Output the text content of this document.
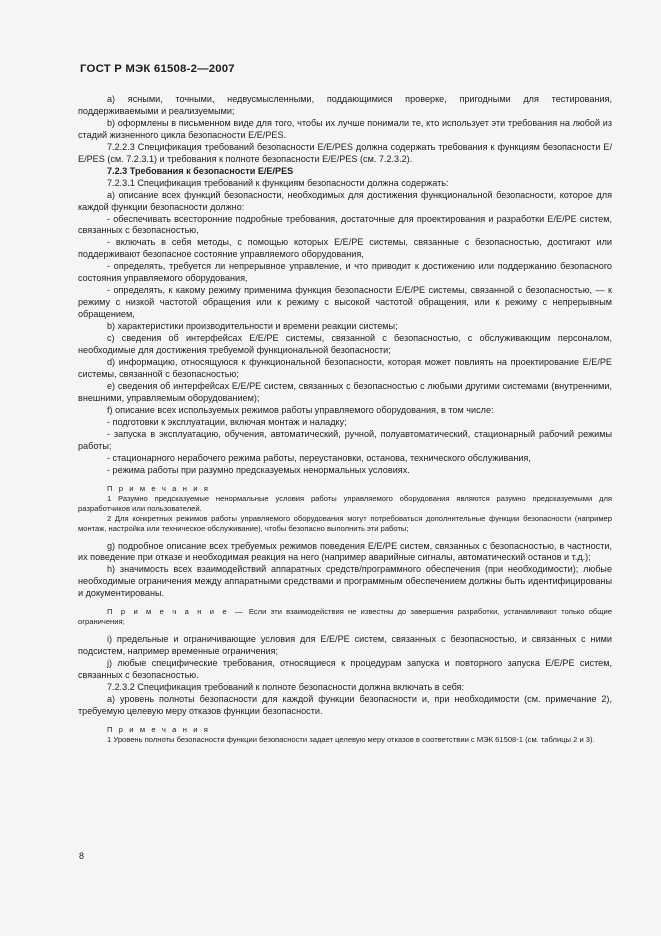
ГОСТ Р МЭК 61508-2—2007

а) ясными, точными, недвусмысленными, поддающимися проверке, пригодными для тестирования, поддерживаемыми и реализуемыми;

b) оформлены в письменном виде для того, чтобы их лучше понимали те, кто использует эти требования на любой из стадий жизненного цикла безопасности Е/Е/PES.

7.2.2.3 Спецификация требований безопасности Е/Е/PES должна содержать требования к функциям безопасности Е/Е/PES (см. 7.2.3.1) и требования к полноте безопасности Е/Е/PES (см. 7.2.3.2).

7.2.3 Требования к безопасности Е/Е/PES

7.2.3.1 Спецификация требований к функциям безопасности должна содержать:

а) описание всех функций безопасности, необходимых для достижения функциональной безопасности, которое для каждой функции безопасности должно:

- обеспечивать всесторонние подробные требования, достаточные для проектирования и разработки Е/Е/PE систем, связанных с безопасностью,

- включать в себя методы, с помощью которых Е/Е/PE системы, связанные с безопасностью, достигают или поддерживают безопасное состояние управляемого оборудования,

- определять, требуется ли непрерывное управление, и что приводит к достижению или поддержанию безопасного состояния управляемого оборудования,

- определять, к какому режиму применима функция безопасности Е/Е/PE системы, связанной с безопасностью, — к режиму с низкой частотой обращения или к режиму с высокой частотой обращения, или к режиму с непрерывным обращением,

b) характеристики производительности и времени реакции системы;

c) сведения об интерфейсах Е/Е/PE системы, связанной с безопасностью, с обслуживающим персоналом, необходимые для достижения требуемой функциональной безопасности;

d) информацию, относящуюся к функциональной безопасности, которая может повлиять на проектирование Е/Е/PE системы, связанной с безопасностью;

e) сведения об интерфейсах Е/Е/PE систем, связанных с безопасностью с любыми другими системами (внутренними, внешними, управляемым оборудованием);

f) описание всех используемых режимов работы управляемого оборудования, в том числе:

- подготовки к эксплуатации, включая монтаж и наладку;

- запуска в эксплуатацию, обучения, автоматический, ручной, полуавтоматический, стационарный рабочий режимы работы;

- стационарного нерабочего режима работы, переустановки, останова, технического обслуживания,

- режима работы при разумно предсказуемых ненормальных условиях.

П р и м е ч а н и я

1 Разумно предсказуемые ненормальные условия работы управляемого оборудования являются разумно предсказуемыми для разработчиков или пользователей.

2 Для конкретных режимов работы управляемого оборудования могут потребоваться дополнительные функции безопасности (например монтаж, настройка или техническое обслуживание), чтобы безопасно выполнить эти работы;

g) подробное описание всех требуемых режимов поведения Е/Е/PE систем, связанных с безопасностью, в частности, их поведение при отказе и необходимая реакция на него (например аварийные сигналы, автоматический останов и т.д.);

h) значимость всех взаимодействий аппаратных средств/программного обеспечения (при необходимости); любые необходимые ограничения между аппаратными средствами и программным обеспечением должны быть идентифицированы и документированы.

П р и м е ч а н и е — Если эти взаимодействия не известны до завершения разработки, устанавливают только общие ограничения;

i) предельные и ограничивающие условия для Е/Е/PE систем, связанных с безопасностью, и связанных с ними подсистем, например временные ограничения;

j) любые специфические требования, относящиеся к процедурам запуска и повторного запуска Е/Е/PE систем, связанных с безопасностью.

7.2.3.2 Спецификация требований к полноте безопасности должна включать в себя:

а) уровень полноты безопасности для каждой функции безопасности и, при необходимости (см. примечание 2), требуемую целевую меру отказов функции безопасности.

П р и м е ч а н и я

1 Уровень полноты безопасности функции безопасности задает целевую меру отказов в соответствии с МЭК 61508-1 (см. таблицы 2 и 3).

8
